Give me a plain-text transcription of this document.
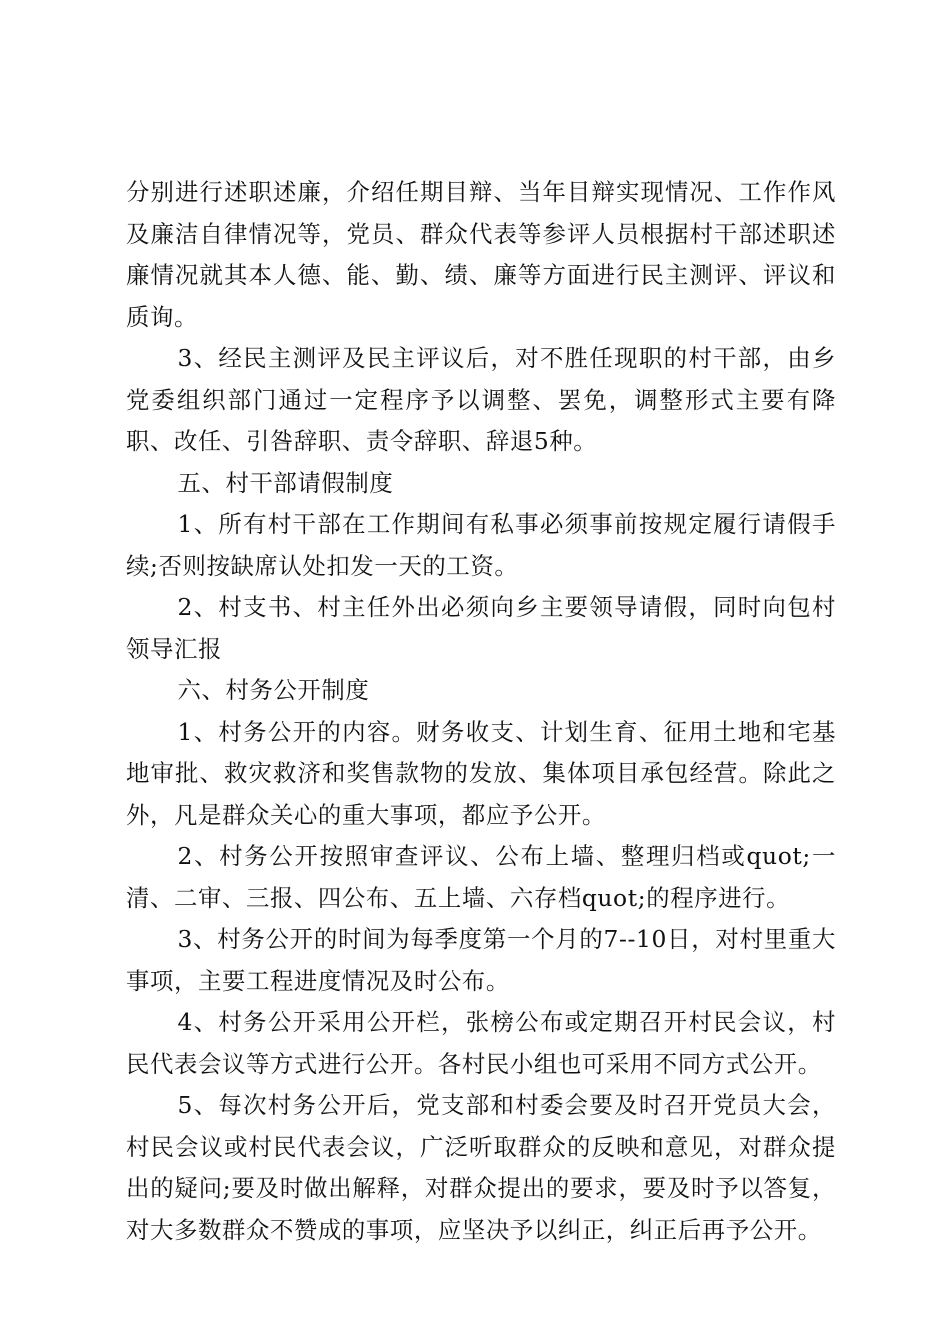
分别进行述职述廉，介绍任期目辩、当年目辩实现情况、工作作风及廉洁自律情况等，党员、群众代表等参评人员根据村干部述职述廉情况就其本人德、能、勤、绩、廉等方面进行民主测评、评议和质询。

3、经民主测评及民主评议后，对不胜任现职的村干部，由乡党委组织部门通过一定程序予以调整、罢免，调整形式主要有降职、改任、引咎辞职、责令辞职、辞退5种。

五、村干部请假制度

1、所有村干部在工作期间有私事必须事前按规定履行请假手续;否则按缺席认处扣发一天的工资。

2、村支书、村主任外出必须向乡主要领导请假，同时向包村领导汇报

六、村务公开制度

1、村务公开的内容。财务收支、计划生育、征用土地和宅基地审批、救灾救济和奖售款物的发放、集体项目承包经营。除此之外，凡是群众关心的重大事项，都应予公开。

2、村务公开按照审查评议、公布上墙、整理归档或quot;一清、二审、三报、四公布、五上墙、六存档quot;的程序进行。

3、村务公开的时间为每季度第一个月的7--10日，对村里重大事项，主要工程进度情况及时公布。

4、村务公开采用公开栏，张榜公布或定期召开村民会议，村民代表会议等方式进行公开。各村民小组也可采用不同方式公开。

5、每次村务公开后，党支部和村委会要及时召开党员大会，村民会议或村民代表会议，广泛听取群众的反映和意见，对群众提出的疑问;要及时做出解释，对群众提出的要求，要及时予以答复，对大多数群众不赞成的事项，应坚决予以纠正，纠正后再予公开。
